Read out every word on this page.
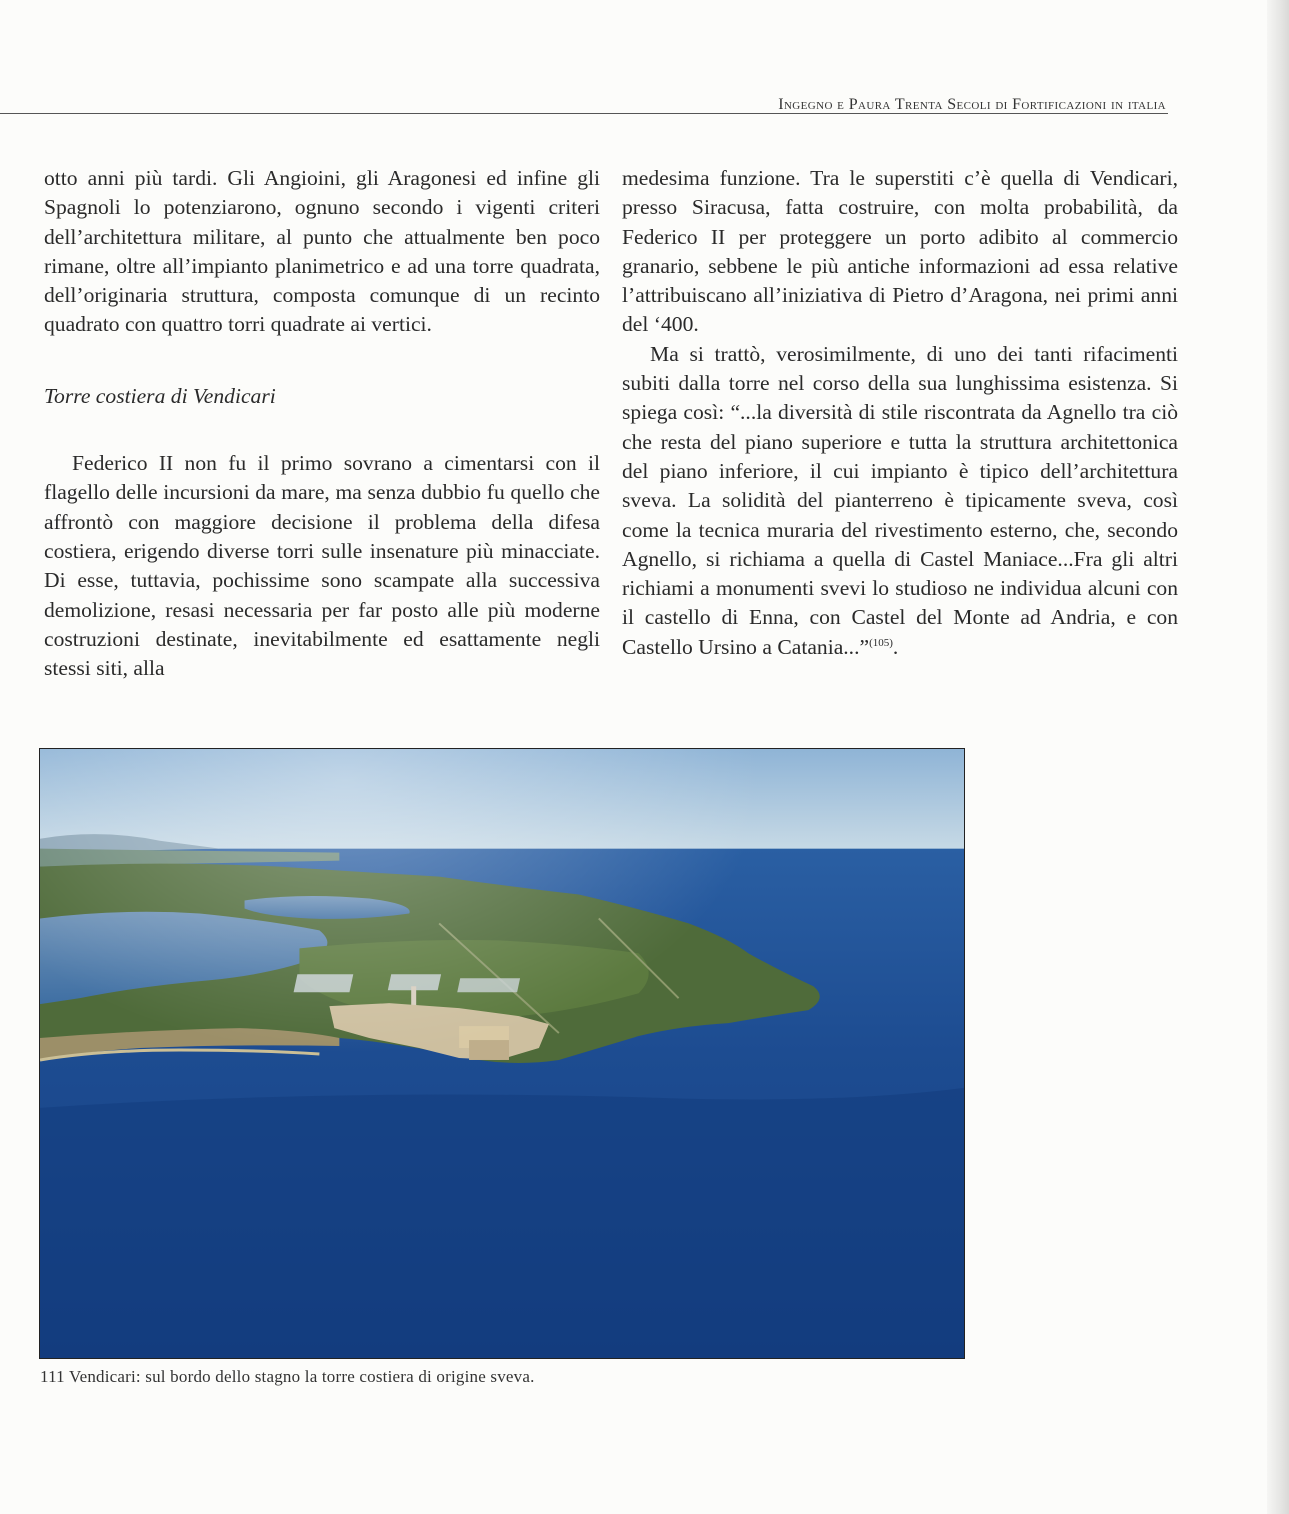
Ingegno e Paura Trenta Secoli di Fortificazioni in italia

otto anni più tardi. Gli Angioini, gli Aragonesi ed infine gli Spagnoli lo potenziarono, ognuno secondo i vigenti criteri dell’architettura militare, al punto che attualmente ben poco rimane, oltre all’impianto planimetrico e ad una torre quadrata, dell’originaria struttura, composta comunque di un recinto quadrato con quattro torri quadrate ai vertici.

Torre costiera di Vendicari

Federico II non fu il primo sovrano a cimentarsi con il flagello delle incursioni da mare, ma senza dubbio fu quello che affrontò con maggiore decisione il problema della difesa costiera, erigendo diverse torri sulle insenature più minacciate. Di esse, tuttavia, pochissime sono scampate alla successiva demolizione, resasi necessaria per far posto alle più moderne costruzioni destinate, inevitabilmente ed esattamente negli stessi siti, alla

medesima funzione. Tra le superstiti c’è quella di Vendicari, presso Siracusa, fatta costruire, con molta probabilità, da Federico II per proteggere un porto adibito al commercio granario, sebbene le più antiche informazioni ad essa relative l’attribuiscano all’iniziativa di Pietro d’Aragona, nei primi anni del ‘400.

Ma si trattò, verosimilmente, di uno dei tanti rifacimenti subiti dalla torre nel corso della sua lunghissima esistenza. Si spiega così: “...la diversità di stile riscontrata da Agnello tra ciò che resta del piano superiore e tutta la struttura architettonica del piano inferiore, il cui impianto è tipico dell’architettura sveva. La solidità del pianterreno è tipicamente sveva, così come la tecnica muraria del rivestimento esterno, che, secondo Agnello, si richiama a quella di Castel Maniace...Fra gli altri richiami a monumenti svevi lo studioso ne individua alcuni con il castello di Enna, con Castel del Monte ad Andria, e con Castello Ursino a Catania...”$^{(105)}$.

111 Vendicari: sul bordo dello stagno la torre costiera di origine sveva.
